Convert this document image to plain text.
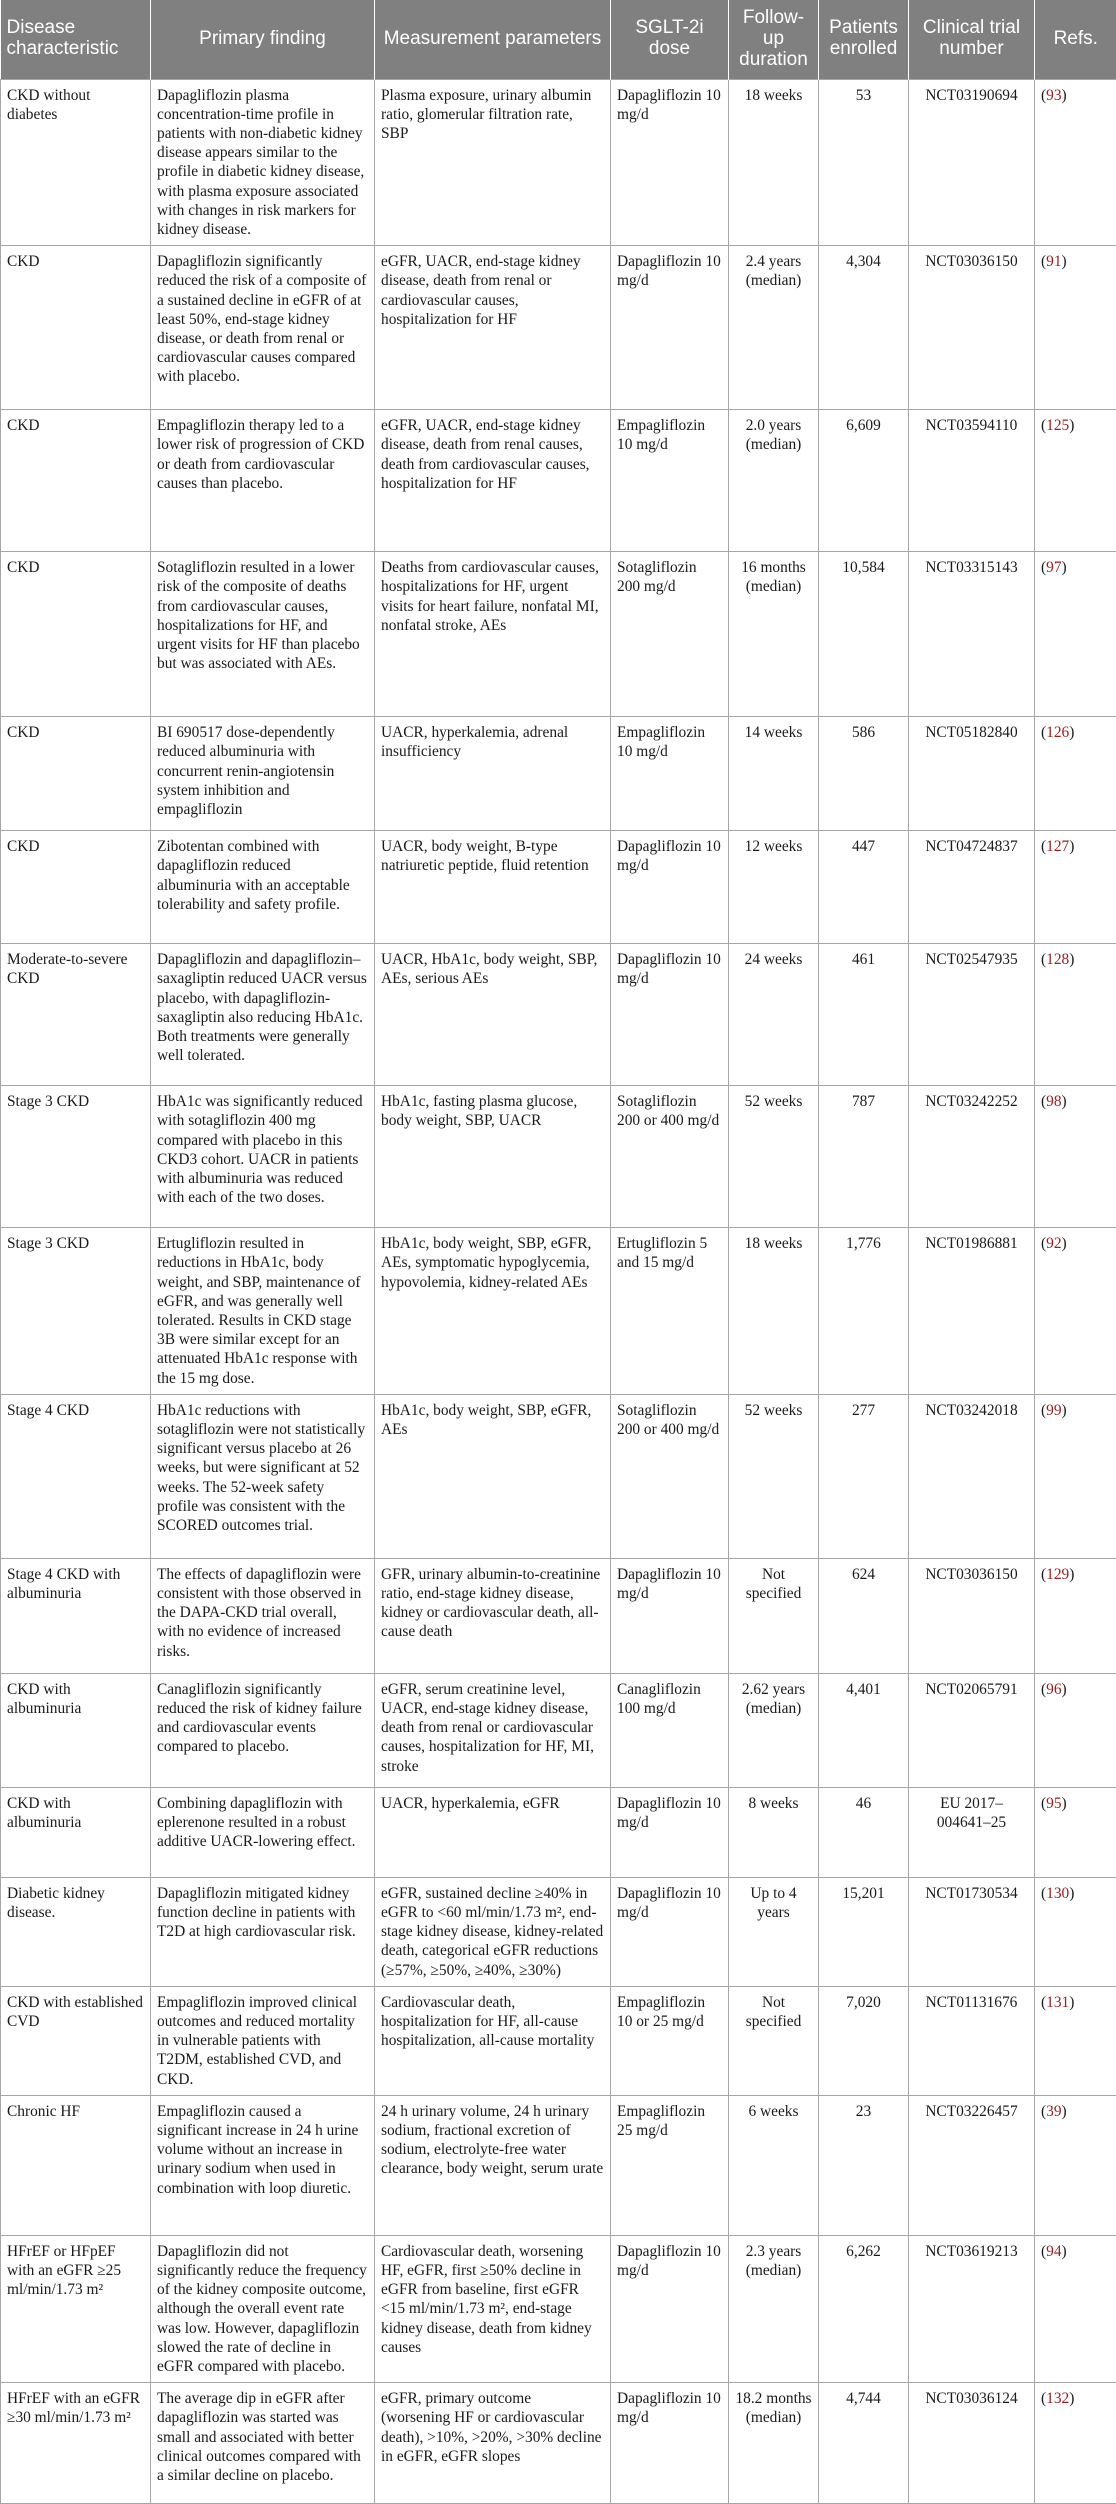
Disease characteristic	Primary finding	Measurement parameters	SGLT-2i dose	Follow-up duration	Patients enrolled	Clinical trial number	Refs.
CKD without diabetes	Dapagliflozin plasma concentration-time profile in patients with non-diabetic kidney disease appears similar to the profile in diabetic kidney disease, with plasma exposure associated with changes in risk markers for kidney disease.	Plasma exposure, urinary albumin ratio, glomerular filtration rate, SBP	Dapagliflozin 10 mg/d	18 weeks	53	NCT03190694	(93)
CKD	Dapagliflozin significantly reduced the risk of a composite of a sustained decline in eGFR of at least 50%, end-stage kidney disease, or death from renal or cardiovascular causes compared with placebo.	eGFR, UACR, end-stage kidney disease, death from renal or cardiovascular causes, hospitalization for HF	Dapagliflozin 10 mg/d	2.4 years (median)	4,304	NCT03036150	(91)
CKD	Empagliflozin therapy led to a lower risk of progression of CKD or death from cardiovascular causes than placebo.	eGFR, UACR, end-stage kidney disease, death from renal causes, death from cardiovascular causes, hospitalization for HF	Empagliflozin 10 mg/d	2.0 years (median)	6,609	NCT03594110	(125)
CKD	Sotagliflozin resulted in a lower risk of the composite of deaths from cardiovascular causes, hospitalizations for HF, and urgent visits for HF than placebo but was associated with AEs.	Deaths from cardiovascular causes, hospitalizations for HF, urgent visits for heart failure, nonfatal MI, nonfatal stroke, AEs	Sotagliflozin 200 mg/d	16 months (median)	10,584	NCT03315143	(97)
CKD	BI 690517 dose-dependently reduced albuminuria with concurrent renin-angiotensin system inhibition and empagliflozin	UACR, hyperkalemia, adrenal insufficiency	Empagliflozin 10 mg/d	14 weeks	586	NCT05182840	(126)
CKD	Zibotentan combined with dapagliflozin reduced albuminuria with an acceptable tolerability and safety profile.	UACR, body weight, B-type natriuretic peptide, fluid retention	Dapagliflozin 10 mg/d	12 weeks	447	NCT04724837	(127)
Moderate-to-severe CKD	Dapagliflozin and dapagliflozin–saxagliptin reduced UACR versus placebo, with dapagliflozin-saxagliptin also reducing HbA1c. Both treatments were generally well tolerated.	UACR, HbA1c, body weight, SBP, AEs, serious AEs	Dapagliflozin 10 mg/d	24 weeks	461	NCT02547935	(128)
Stage 3 CKD	HbA1c was significantly reduced with sotagliflozin 400 mg compared with placebo in this CKD3 cohort. UACR in patients with albuminuria was reduced with each of the two doses.	HbA1c, fasting plasma glucose, body weight, SBP, UACR	Sotagliflozin 200 or 400 mg/d	52 weeks	787	NCT03242252	(98)
Stage 3 CKD	Ertugliflozin resulted in reductions in HbA1c, body weight, and SBP, maintenance of eGFR, and was generally well tolerated. Results in CKD stage 3B were similar except for an attenuated HbA1c response with the 15 mg dose.	HbA1c, body weight, SBP, eGFR, AEs, symptomatic hypoglycemia, hypovolemia, kidney-related AEs	Ertugliflozin 5 and 15 mg/d	18 weeks	1,776	NCT01986881	(92)
Stage 4 CKD	HbA1c reductions with sotagliflozin were not statistically significant versus placebo at 26 weeks, but were significant at 52 weeks. The 52-week safety profile was consistent with the SCORED outcomes trial.	HbA1c, body weight, SBP, eGFR, AEs	Sotagliflozin 200 or 400 mg/d	52 weeks	277	NCT03242018	(99)
Stage 4 CKD with albuminuria	The effects of dapagliflozin were consistent with those observed in the DAPA-CKD trial overall, with no evidence of increased risks.	GFR, urinary albumin-to-creatinine ratio, end-stage kidney disease, kidney or cardiovascular death, all-cause death	Dapagliflozin 10 mg/d	Not specified	624	NCT03036150	(129)
CKD with albuminuria	Canagliflozin significantly reduced the risk of kidney failure and cardiovascular events compared to placebo.	eGFR, serum creatinine level, UACR, end-stage kidney disease, death from renal or cardiovascular causes, hospitalization for HF, MI, stroke	Canagliflozin 100 mg/d	2.62 years (median)	4,401	NCT02065791	(96)
CKD with albuminuria	Combining dapagliflozin with eplerenone resulted in a robust additive UACR-lowering effect.	UACR, hyperkalemia, eGFR	Dapagliflozin 10 mg/d	8 weeks	46	EU 2017–004641–25	(95)
Diabetic kidney disease.	Dapagliflozin mitigated kidney function decline in patients with T2D at high cardiovascular risk.	eGFR, sustained decline ≥40% in eGFR to <60 ml/min/1.73 m², end-stage kidney disease, kidney-related death, categorical eGFR reductions (≥57%, ≥50%, ≥40%, ≥30%)	Dapagliflozin 10 mg/d	Up to 4 years	15,201	NCT01730534	(130)
CKD with established CVD	Empagliflozin improved clinical outcomes and reduced mortality in vulnerable patients with T2DM, established CVD, and CKD.	Cardiovascular death, hospitalization for HF, all-cause hospitalization, all-cause mortality	Empagliflozin 10 or 25 mg/d	Not specified	7,020	NCT01131676	(131)
Chronic HF	Empagliflozin caused a significant increase in 24 h urine volume without an increase in urinary sodium when used in combination with loop diuretic.	24 h urinary volume, 24 h urinary sodium, fractional excretion of sodium, electrolyte-free water clearance, body weight, serum urate	Empagliflozin 25 mg/d	6 weeks	23	NCT03226457	(39)
HFrEF or HFpEF with an eGFR ≥25 ml/min/1.73 m²	Dapagliflozin did not significantly reduce the frequency of the kidney composite outcome, although the overall event rate was low. However, dapagliflozin slowed the rate of decline in eGFR compared with placebo.	Cardiovascular death, worsening HF, eGFR, first ≥50% decline in eGFR from baseline, first eGFR <15 ml/min/1.73 m², end-stage kidney disease, death from kidney causes	Dapagliflozin 10 mg/d	2.3 years (median)	6,262	NCT03619213	(94)
HFrEF with an eGFR ≥30 ml/min/1.73 m²	The average dip in eGFR after dapagliflozin was started was small and associated with better clinical outcomes compared with a similar decline on placebo.	eGFR, primary outcome (worsening HF or cardiovascular death), >10%, >20%, >30% decline in eGFR, eGFR slopes	Dapagliflozin 10 mg/d	18.2 months (median)	4,744	NCT03036124	(132)
